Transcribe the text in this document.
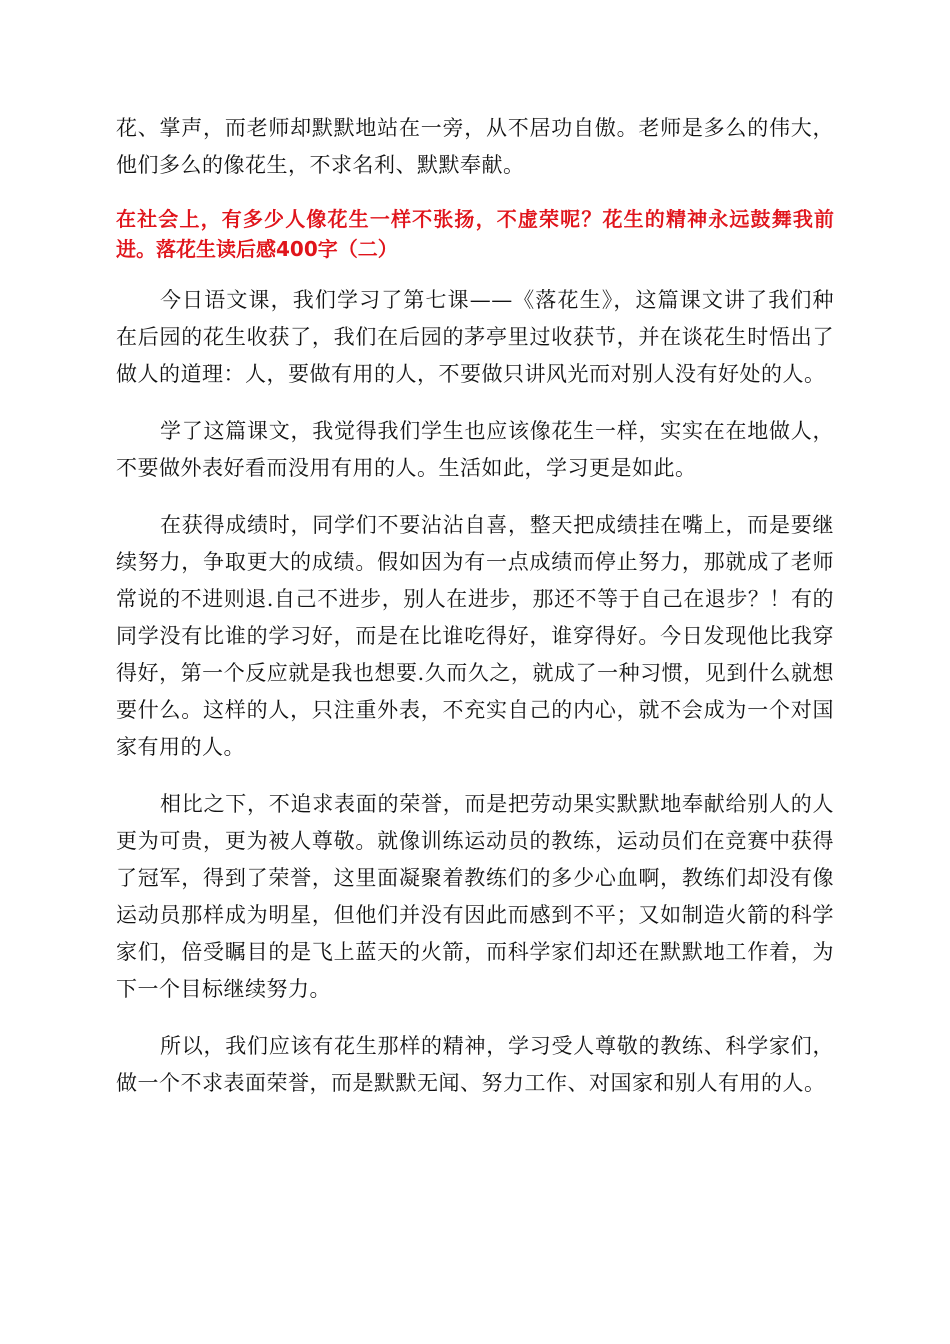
花、掌声，而老师却默默地站在一旁，从不居功自傲。老师是多么的伟大，他们多么的像花生，不求名利、默默奉献。

在社会上，有多少人像花生一样不张扬，不虚荣呢？花生的精神永远鼓舞我前进。落花生读后感400字（二）

今日语文课，我们学习了第七课——《落花生》，这篇课文讲了我们种在后园的花生收获了，我们在后园的茅亭里过收获节，并在谈花生时悟出了做人的道理：人，要做有用的人，不要做只讲风光而对别人没有好处的人。

学了这篇课文，我觉得我们学生也应该像花生一样，实实在在地做人，不要做外表好看而没用有用的人。生活如此，学习更是如此。

在获得成绩时，同学们不要沾沾自喜，整天把成绩挂在嘴上，而是要继续努力，争取更大的成绩。假如因为有一点成绩而停止努力，那就成了老师常说的不进则退.自己不进步，别人在进步，那还不等于自己在退步？！有的同学没有比谁的学习好，而是在比谁吃得好，谁穿得好。今日发现他比我穿得好，第一个反应就是我也想要.久而久之，就成了一种习惯，见到什么就想要什么。这样的人，只注重外表，不充实自己的内心，就不会成为一个对国家有用的人。

相比之下，不追求表面的荣誉，而是把劳动果实默默地奉献给别人的人更为可贵，更为被人尊敬。就像训练运动员的教练，运动员们在竞赛中获得了冠军，得到了荣誉，这里面凝聚着教练们的多少心血啊，教练们却没有像运动员那样成为明星，但他们并没有因此而感到不平；又如制造火箭的科学家们，倍受瞩目的是飞上蓝天的火箭，而科学家们却还在默默地工作着，为下一个目标继续努力。

所以，我们应该有花生那样的精神，学习受人尊敬的教练、科学家们，做一个不求表面荣誉，而是默默无闻、努力工作、对国家和别人有用的人。
